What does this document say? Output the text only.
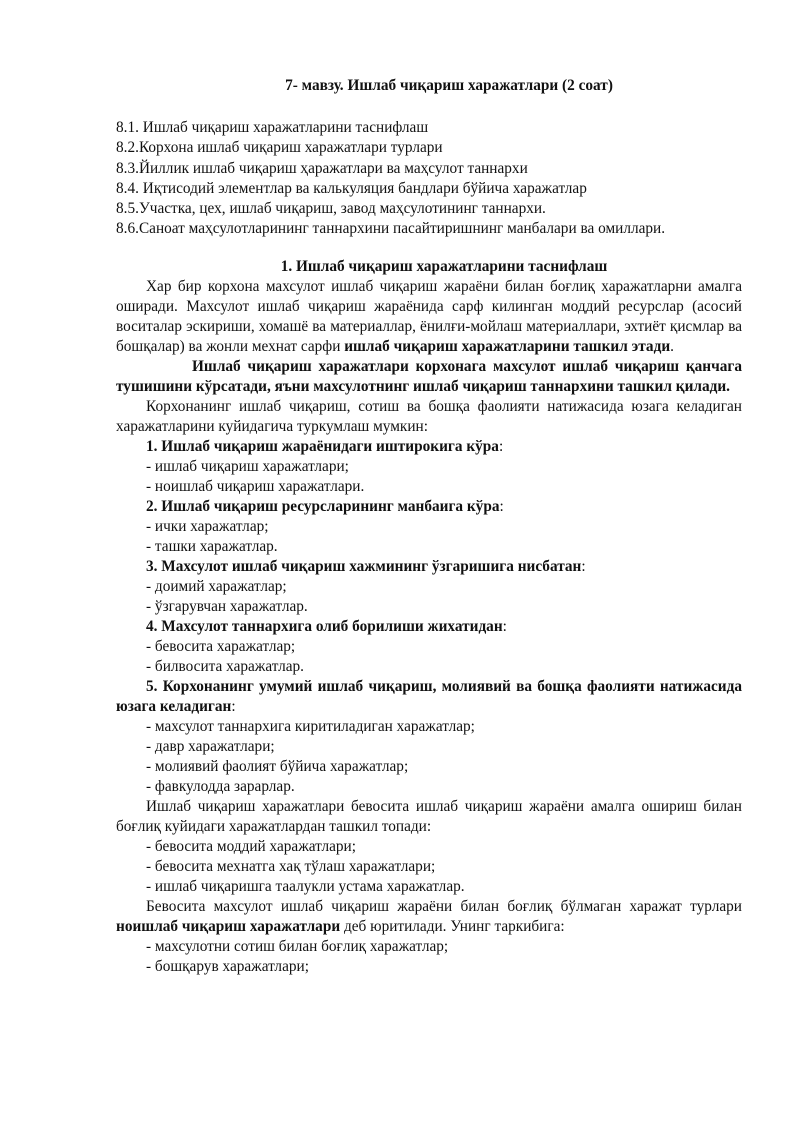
7- мавзу. Ишлаб чиқариш харажатлари (2 соат)
8.1. Ишлаб чиқариш харажатларини таснифлаш
8.2.Корхона ишлаб чиқариш харажатлари турлари
8.3.Йиллик ишлаб чиқариш ҳаражатлари ва маҳсулот таннархи
8.4. Иқтисодий элементлар ва калькуляция бандлари бўйича харажатлар
8.5.Участка, цех, ишлаб чиқариш, завод маҳсулотининг таннархи.
8.6.Саноат маҳсулотларининг таннархини пасайтиришнинг манбалари ва омиллари.
1. Ишлаб чиқариш харажатларини таснифлаш

Хар бир корхона махсулот ишлаб чиқариш жараёни билан боғлиқ харажатларни амалга оширади. Махсулот ишлаб чиқариш жараёнида сарф килинган моддий ресурслар (асосий воситалар эскириши, хомашё ва материаллар, ёнилғи-мойлаш материаллари, эхтиёт қисмлар ва бошқалар) ва жонли мехнат сарфи ишлаб чиқариш харажатларини ташкил этади.

Ишлаб чиқариш харажатлари корхонага махсулот ишлаб чиқариш қанчага тушишини кўрсатади, яъни махсулотнинг ишлаб чиқариш таннархини ташкил қилади.

Корхонанинг ишлаб чиқариш, сотиш ва бошқа фаолияти натижасида юзага келадиган харажатларини куйидагича туркумлаш мумкин:

1. Ишлаб чиқариш жараёнидаги иштирокига кўра:
- ишлаб чиқариш харажатлари;
- ноишлаб чиқариш харажатлари.
2. Ишлаб чиқариш ресурсларининг манбаига кўра:
- ички харажатлар;
- ташки харажатлар.
3. Махсулот ишлаб чиқариш хажмининг ўзгаришига нисбатан:
- доимий харажатлар;
- ўзгарувчан харажатлар.
4. Махсулот таннархига олиб борилиши жихатидан:
- бевосита харажатлар;
- билвосита харажатлар.
5. Корхонанинг умумий ишлаб чиқариш, молиявий ва бошқа фаолияти натижасида юзага келадиган:
- махсулот таннархига киритиладиган харажатлар;
- давр харажатлари;
- молиявий фаолият бўйича харажатлар;
- фавкулодда зарарлар.

Ишлаб чиқариш харажатлари бевосита ишлаб чиқариш жараёни амалга ошириш билан боғлиқ куйидаги харажатлардан ташкил топади:

- бевосита моддий харажатлари;
- бевосита мехнатга хақ тўлаш харажатлари;
- ишлаб чиқаришга таалукли устама харажатлар.

Бевосита махсулот ишлаб чиқариш жараёни билан боғлиқ бўлмаган харажат турлари ноишлаб чиқариш харажатлари деб юритилади. Унинг таркибига:

- махсулотни сотиш билан боғлиқ харажатлар;
- бошқарув харажатлари;
